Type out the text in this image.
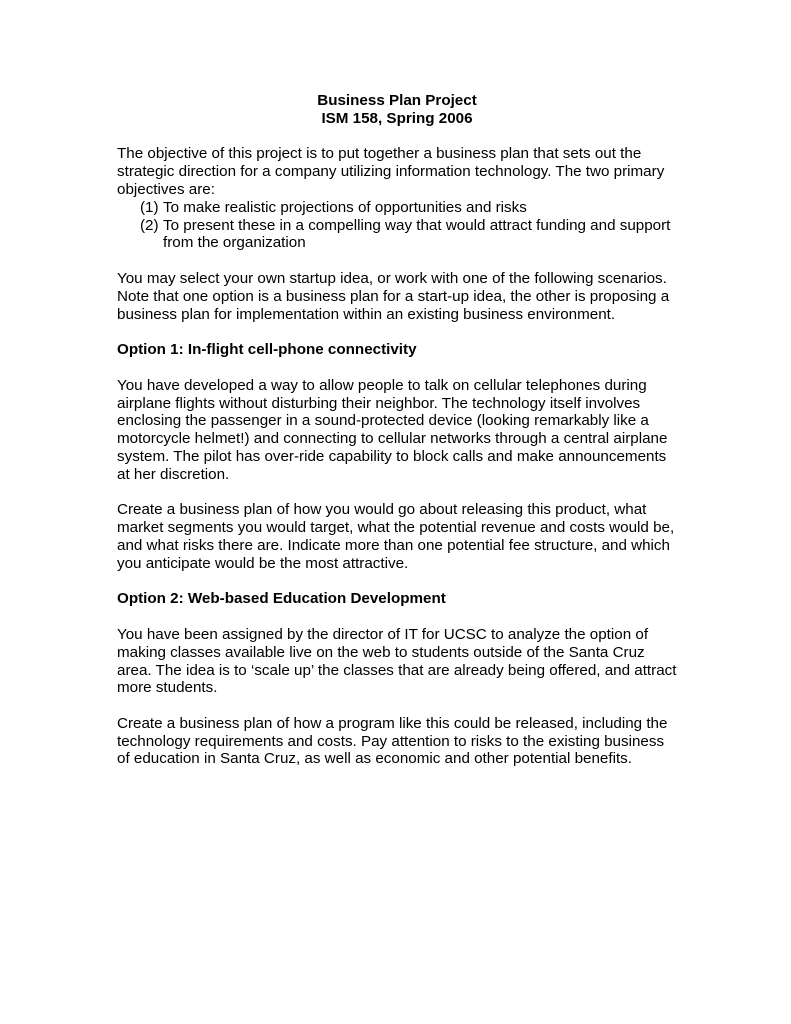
Business Plan Project
ISM 158, Spring 2006

The objective of this project is to put together a business plan that sets out the strategic direction for a company utilizing information technology. The two primary objectives are:

(1) To make realistic projections of opportunities and risks
(2) To present these in a compelling way that would attract funding and support from the organization

You may select your own startup idea, or work with one of the following scenarios. Note that one option is a business plan for a start-up idea, the other is proposing a business plan for implementation within an existing business environment.

Option 1: In-flight cell-phone connectivity

You have developed a way to allow people to talk on cellular telephones during airplane flights without disturbing their neighbor. The technology itself involves enclosing the passenger in a sound-protected device (looking remarkably like a motorcycle helmet!) and connecting to cellular networks through a central airplane system. The pilot has over-ride capability to block calls and make announcements at her discretion.

Create a business plan of how you would go about releasing this product, what market segments you would target, what the potential revenue and costs would be, and what risks there are. Indicate more than one potential fee structure, and which you anticipate would be the most attractive.

Option 2: Web-based Education Development

You have been assigned by the director of IT for UCSC to analyze the option of making classes available live on the web to students outside of the Santa Cruz area. The idea is to ‘scale up’ the classes that are already being offered, and attract more students.

Create a business plan of how a program like this could be released, including the technology requirements and costs. Pay attention to risks to the existing business of education in Santa Cruz, as well as economic and other potential benefits.
